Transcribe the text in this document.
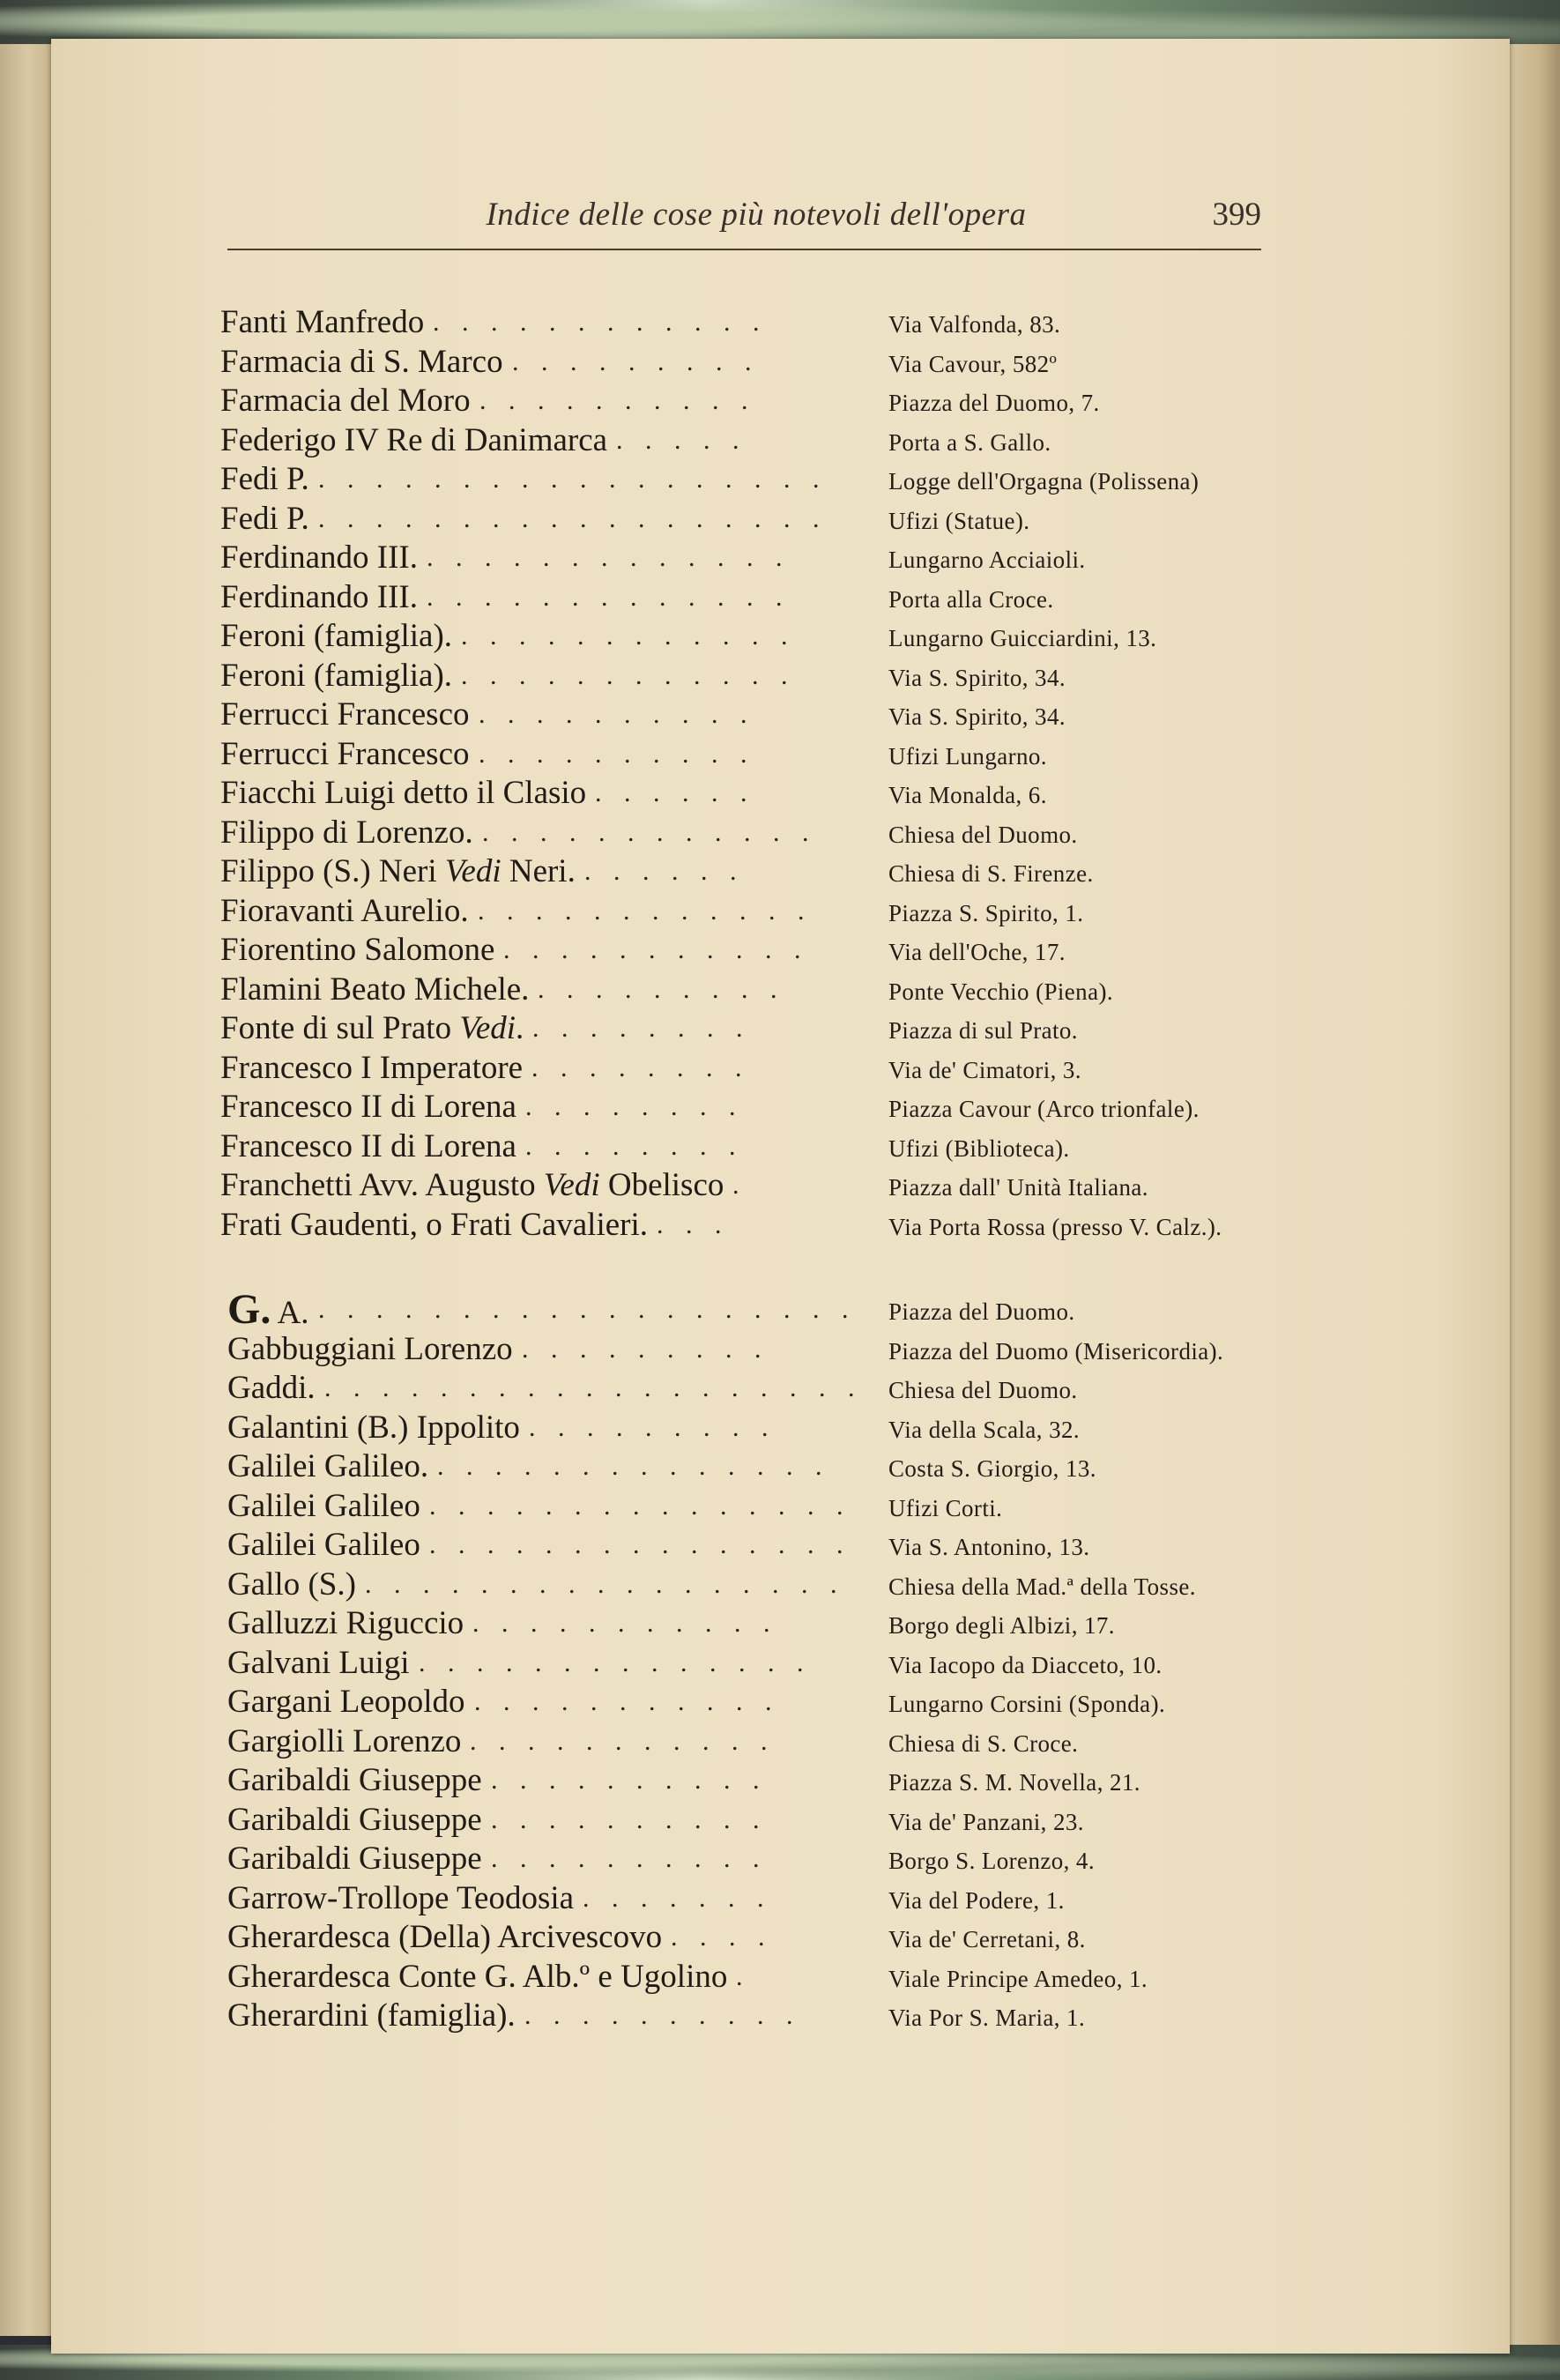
Indice delle cose più notevoli dell'opera	399
Fanti Manfredo . . . . . . . . . . . .	Via Valfonda, 83.
Farmacia di S. Marco . . . . . . . . .	Via Cavour, 582º
Farmacia del Moro . . . . . . . . . .	Piazza del Duomo, 7.
Federigo IV Re di Danimarca . . . . .	Porta a S. Gallo.
Fedi P. . . . . . . . . . . . . . . . . . .	Logge dell'Orgagna (Polissena)
Fedi P. . . . . . . . . . . . . . . . . . .	Ufizi (Statue).
Ferdinando III. . . . . . . . . . . . . .	Lungarno Acciaioli.
Ferdinando III. . . . . . . . . . . . . .	Porta alla Croce.
Feroni (famiglia). . . . . . . . . . . . .	Lungarno Guicciardini, 13.
Feroni (famiglia). . . . . . . . . . . . .	Via S. Spirito, 34.
Ferrucci Francesco . . . . . . . . . .	Via S. Spirito, 34.
Ferrucci Francesco . . . . . . . . . .	Ufizi Lungarno.
Fiacchi Luigi detto il Clasio . . . . . .	Via Monalda, 6.
Filippo di Lorenzo. . . . . . . . . . . . .	Chiesa del Duomo.
Filippo (S.) Neri Vedi Neri. . . . . . .	Chiesa di S. Firenze.
Fioravanti Aurelio. . . . . . . . . . . . .	Piazza S. Spirito, 1.
Fiorentino Salomone . . . . . . . . . . .	Via dell'Oche, 17.
Flamini Beato Michele. . . . . . . . . .	Ponte Vecchio (Piena).
Fonte di sul Prato Vedi. . . . . . . . .	Piazza di sul Prato.
Francesco I Imperatore . . . . . . . .	Via de' Cimatori, 3.
Francesco II di Lorena . . . . . . . .	Piazza Cavour (Arco trionfale).
Francesco II di Lorena . . . . . . . .	Ufizi (Biblioteca).
Franchetti Avv. Augusto Vedi Obelisco .	Piazza dall' Unità Italiana.
Frati Gaudenti, o Frati Cavalieri. . . .	Via Porta Rossa (presso V. Calz.).
G. A. . . . . . . . . . . . . . . . . . . .	Piazza del Duomo.
Gabbuggiani Lorenzo . . . . . . . . .	Piazza del Duomo (Misericordia).
Gaddi. . . . . . . . . . . . . . . . . . . .	Chiesa del Duomo.
Galantini (B.) Ippolito . . . . . . . . .	Via della Scala, 32.
Galilei Galileo. . . . . . . . . . . . . . .	Costa S. Giorgio, 13.
Galilei Galileo . . . . . . . . . . . . . . .	Ufizi Corti.
Galilei Galileo . . . . . . . . . . . . . . .	Via S. Antonino, 13.
Gallo (S.) . . . . . . . . . . . . . . . . .	Chiesa della Mad.ª della Tosse.
Galluzzi Riguccio . . . . . . . . . . .	Borgo degli Albizi, 17.
Galvani Luigi . . . . . . . . . . . . . .	Via Iacopo da Diacceto, 10.
Gargani Leopoldo . . . . . . . . . . .	Lungarno Corsini (Sponda).
Gargiolli Lorenzo . . . . . . . . . . .	Chiesa di S. Croce.
Garibaldi Giuseppe . . . . . . . . . .	Piazza S. M. Novella, 21.
Garibaldi Giuseppe . . . . . . . . . .	Via de' Panzani, 23.
Garibaldi Giuseppe . . . . . . . . . .	Borgo S. Lorenzo, 4.
Garrow-Trollope Teodosia . . . . . . .	Via del Podere, 1.
Gherardesca (Della) Arcivescovo . . . .	Via de' Cerretani, 8.
Gherardesca Conte G. Alb.º e Ugolino .	Viale Principe Amedeo, 1.
Gherardini (famiglia). . . . . . . . . . .	Via Por S. Maria, 1.
